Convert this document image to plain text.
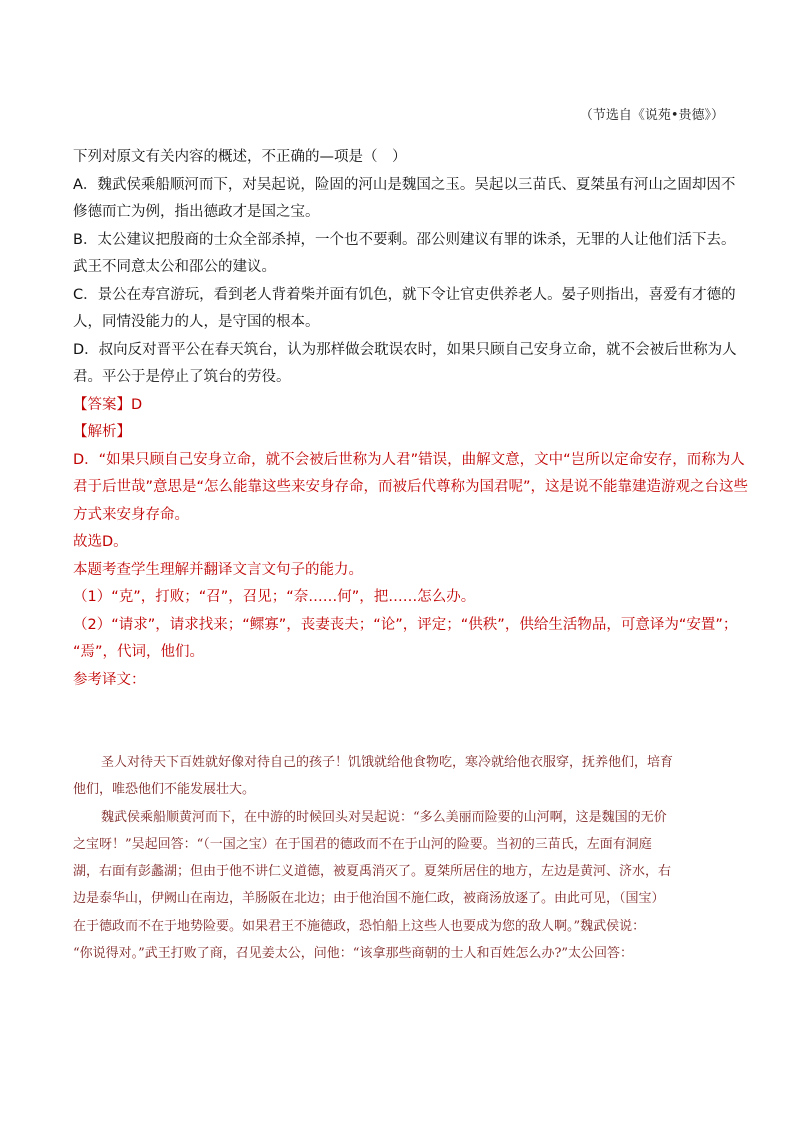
（节选自《说苑•贵德》）
下列对原文有关内容的概述，不正确的—项是（　）
A．魏武侯乘船顺河而下，对吴起说，险固的河山是魏国之玉。吴起以三苗氏、夏桀虽有河山之固却因不
修德而亡为例，指出德政才是国之宝。
B．太公建议把殷商的士众全部杀掉，一个也不要剩。邵公则建议有罪的诛杀，无罪的人让他们活下去。
武王不同意太公和邵公的建议。
C．景公在寿宫游玩，看到老人背着柴并面有饥色，就下令让官吏供养老人。晏子则指出，喜爱有才德的
人，同情没能力的人，是守国的根本。
D．叔向反对晋平公在春天筑台，认为那样做会耽误农时，如果只顾自己安身立命，就不会被后世称为人
君。平公于是停止了筑台的劳役。
【答案】D
【解析】
D．“如果只顾自己安身立命，就不会被后世称为人君”错误，曲解文意，文中“岂所以定命安存，而称为人
君于后世哉”意思是“怎么能靠这些来安身存命，而被后代尊称为国君呢”，这是说不能靠建造游观之台这些
方式来安身存命。
故选D。
本题考查学生理解并翻译文言文句子的能力。
（1）“克”，打败；“召”，召见；“奈……何”，把……怎么办。
（2）“请求”，请求找来；“鳏寡”，丧妻丧夫；“论”，评定；“供秩”，供给生活物品，可意译为“安置”；
“焉”，代词，他们。
参考译文：
圣人对待天下百姓就好像对待自己的孩子！饥饿就给他食物吃，寒冷就给他衣服穿，抚养他们，培育
他们，唯恐他们不能发展壮大。
魏武侯乘船顺黄河而下，在中游的时候回头对吴起说：“多么美丽而险要的山河啊，这是魏国的无价
之宝呀！”吴起回答：“（一国之宝）在于国君的德政而不在于山河的险要。当初的三苗氏，左面有洞庭
湖，右面有彭蠡湖；但由于他不讲仁义道德，被夏禹消灭了。夏桀所居住的地方，左边是黄河、济水，右
边是泰华山，伊阙山在南边，羊肠阪在北边；由于他治国不施仁政，被商汤放逐了。由此可见，（国宝）
在于德政而不在于地势险要。如果君王不施德政，恐怕船上这些人也要成为您的敌人啊。”魏武侯说：
“你说得对。”武王打败了商，召见姜太公，问他：“该拿那些商朝的士人和百姓怎么办?”太公回答：
